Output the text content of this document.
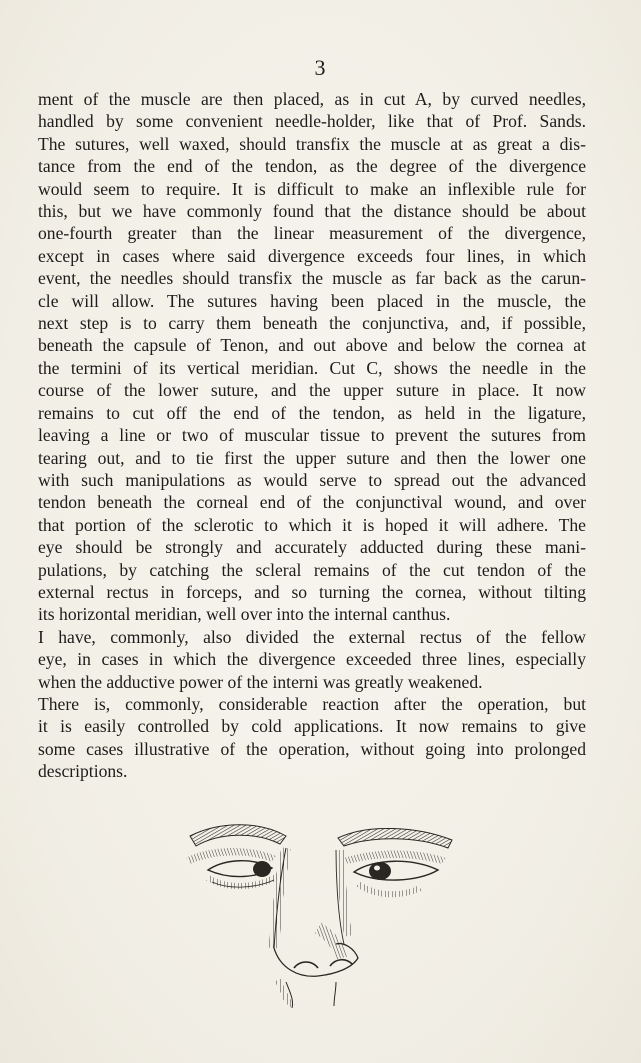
3
ment of the muscle are then placed, as in cut A, by curved needles,
handled by some convenient needle-holder, like that of Prof. Sands.
The sutures, well waxed, should transfix the muscle at as great a dis-
tance from the end of the tendon, as the degree of the divergence
would seem to require. It is difficult to make an inflexible rule for
this, but we have commonly found that the distance should be about
one-fourth greater than the linear measurement of the divergence,
except in cases where said divergence exceeds four lines, in which
event, the needles should transfix the muscle as far back as the carun-
cle will allow. The sutures having been placed in the muscle, the
next step is to carry them beneath the conjunctiva, and, if possible,
beneath the capsule of Tenon, and out above and below the cornea at
the termini of its vertical meridian. Cut C, shows the needle in the
course of the lower suture, and the upper suture in place. It now
remains to cut off the end of the tendon, as held in the ligature,
leaving a line or two of muscular tissue to prevent the sutures from
tearing out, and to tie first the upper suture and then the lower one
with such manipulations as would serve to spread out the advanced
tendon beneath the corneal end of the conjunctival wound, and over
that portion of the sclerotic to which it is hoped it will adhere. The
eye should be strongly and accurately adducted during these mani-
pulations, by catching the scleral remains of the cut tendon of the
external rectus in forceps, and so turning the cornea, without tilting
its horizontal meridian, well over into the internal canthus.
I have, commonly, also divided the external rectus of the fellow
eye, in cases in which the divergence exceeded three lines, especially
when the adductive power of the interni was greatly weakened.
There is, commonly, considerable reaction after the operation, but
it is easily controlled by cold applications. It now remains to give
some cases illustrative of the operation, without going into prolonged
descriptions.
